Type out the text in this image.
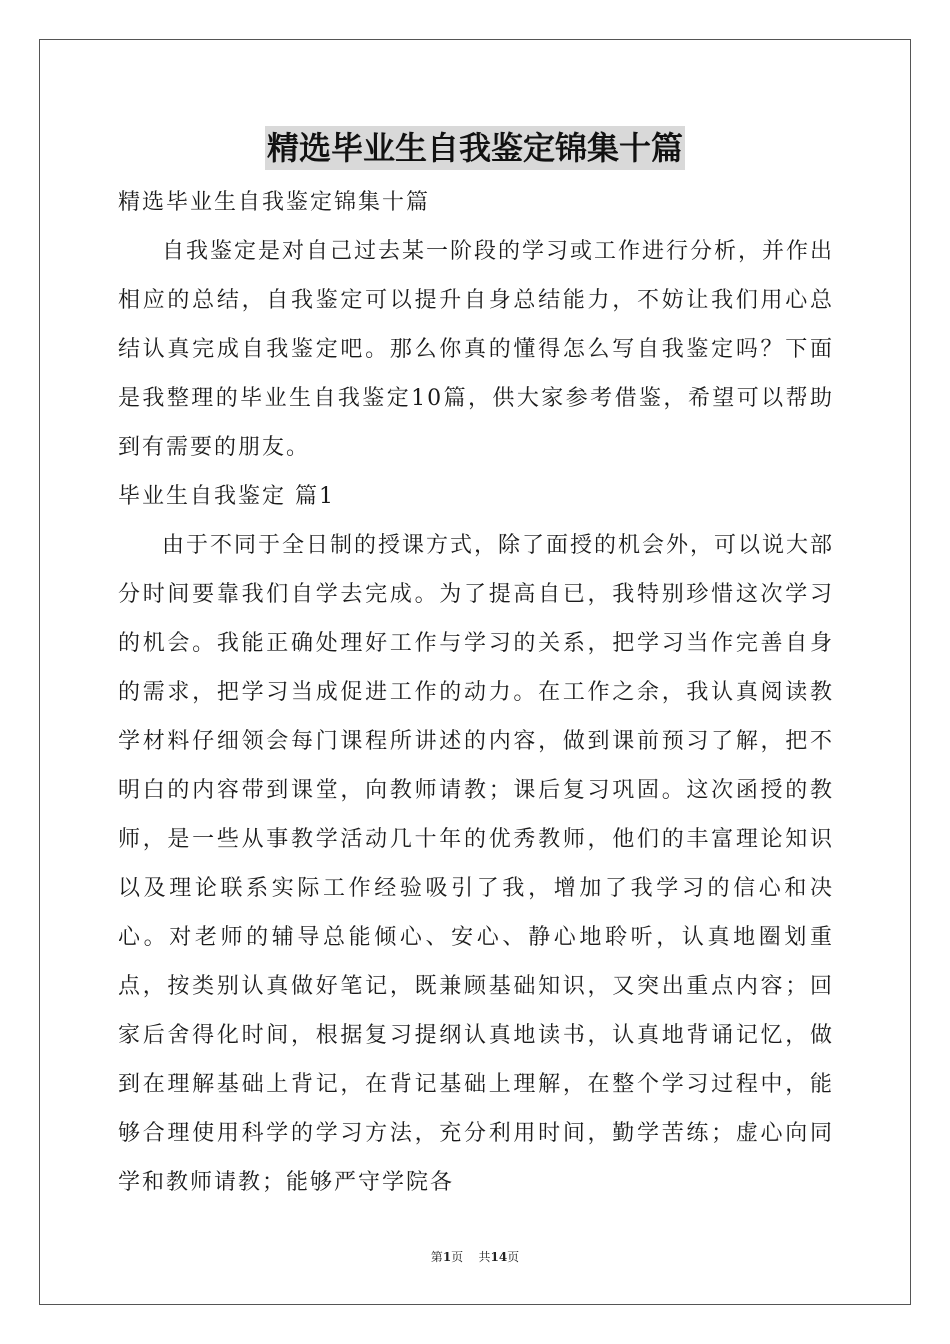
精选毕业生自我鉴定锦集十篇

精选毕业生自我鉴定锦集十篇

自我鉴定是对自己过去某一阶段的学习或工作进行分析，并作出相应的总结，自我鉴定可以提升自身总结能力，不妨让我们用心总结认真完成自我鉴定吧。那么你真的懂得怎么写自我鉴定吗？下面是我整理的毕业生自我鉴定10篇，供大家参考借鉴，希望可以帮助到有需要的朋友。

毕业生自我鉴定 篇1

由于不同于全日制的授课方式，除了面授的机会外，可以说大部分时间要靠我们自学去完成。为了提高自已，我特别珍惜这次学习的机会。我能正确处理好工作与学习的关系，把学习当作完善自身的需求，把学习当成促进工作的动力。在工作之余，我认真阅读教学材料仔细领会每门课程所讲述的内容，做到课前预习了解，把不明白的内容带到课堂，向教师请教；课后复习巩固。这次函授的教师，是一些从事教学活动几十年的优秀教师，他们的丰富理论知识以及理论联系实际工作经验吸引了我，增加了我学习的信心和决心。对老师的辅导总能倾心、安心、静心地聆听，认真地圈划重点，按类别认真做好笔记，既兼顾基础知识，又突出重点内容；回家后舍得化时间，根据复习提纲认真地读书，认真地背诵记忆，做到在理解基础上背记，在背记基础上理解，在整个学习过程中，能够合理使用科学的学习方法，充分利用时间，勤学苦练；虚心向同学和教师请教；能够严守学院各

第1页 共14页
